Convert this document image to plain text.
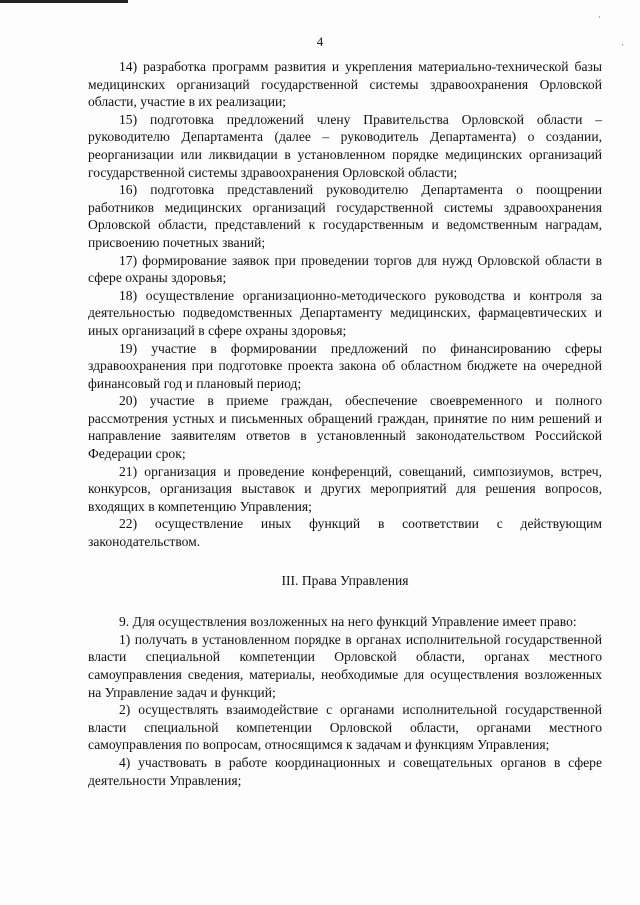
·
·
4

14) разработка программ развития и укрепления материально-технической базы медицинских организаций государственной системы здравоохранения Орловской области, участие в их реализации;

15) подготовка предложений члену Правительства Орловской области – руководителю Департамента (далее – руководитель Департамента) о создании, реорганизации или ликвидации в установленном порядке медицинских организаций государственной системы здравоохранения Орловской области;

16) подготовка представлений руководителю Департамента о поощрении работников медицинских организаций государственной системы здравоохранения Орловской области, представлений к государственным и ведомственным наградам, присвоению почетных званий;

17) формирование заявок при проведении торгов для нужд Орловской области в сфере охраны здоровья;

18) осуществление организационно-методического руководства и контроля за деятельностью подведомственных Департаменту медицинских, фармацевтических и иных организаций в сфере охраны здоровья;

19) участие в формировании предложений по финансированию сферы здравоохранения при подготовке проекта закона об областном бюджете на очередной финансовый год и плановый период;

20) участие в приеме граждан, обеспечение своевременного и полного рассмотрения устных и письменных обращений граждан, принятие по ним решений и направление заявителям ответов в установленный законодательством Российской Федерации срок;

21) организация и проведение конференций, совещаний, симпозиумов, встреч, конкурсов, организация выставок и других мероприятий для решения вопросов, входящих в компетенцию Управления;

22) осуществление иных функций в соответствии с действующим законодательством.

III. Права Управления

9. Для осуществления возложенных на него функций Управление имеет право:

1) получать в установленном порядке в органах исполнительной государственной власти специальной компетенции Орловской области, органах местного самоуправления сведения, материалы, необходимые для осуществления возложенных на Управление задач и функций;

2) осуществлять взаимодействие с органами исполнительной государственной власти специальной компетенции Орловской области, органами местного самоуправления по вопросам, относящимся к задачам и функциям Управления;

4) участвовать в работе координационных и совещательных органов в сфере деятельности Управления;
